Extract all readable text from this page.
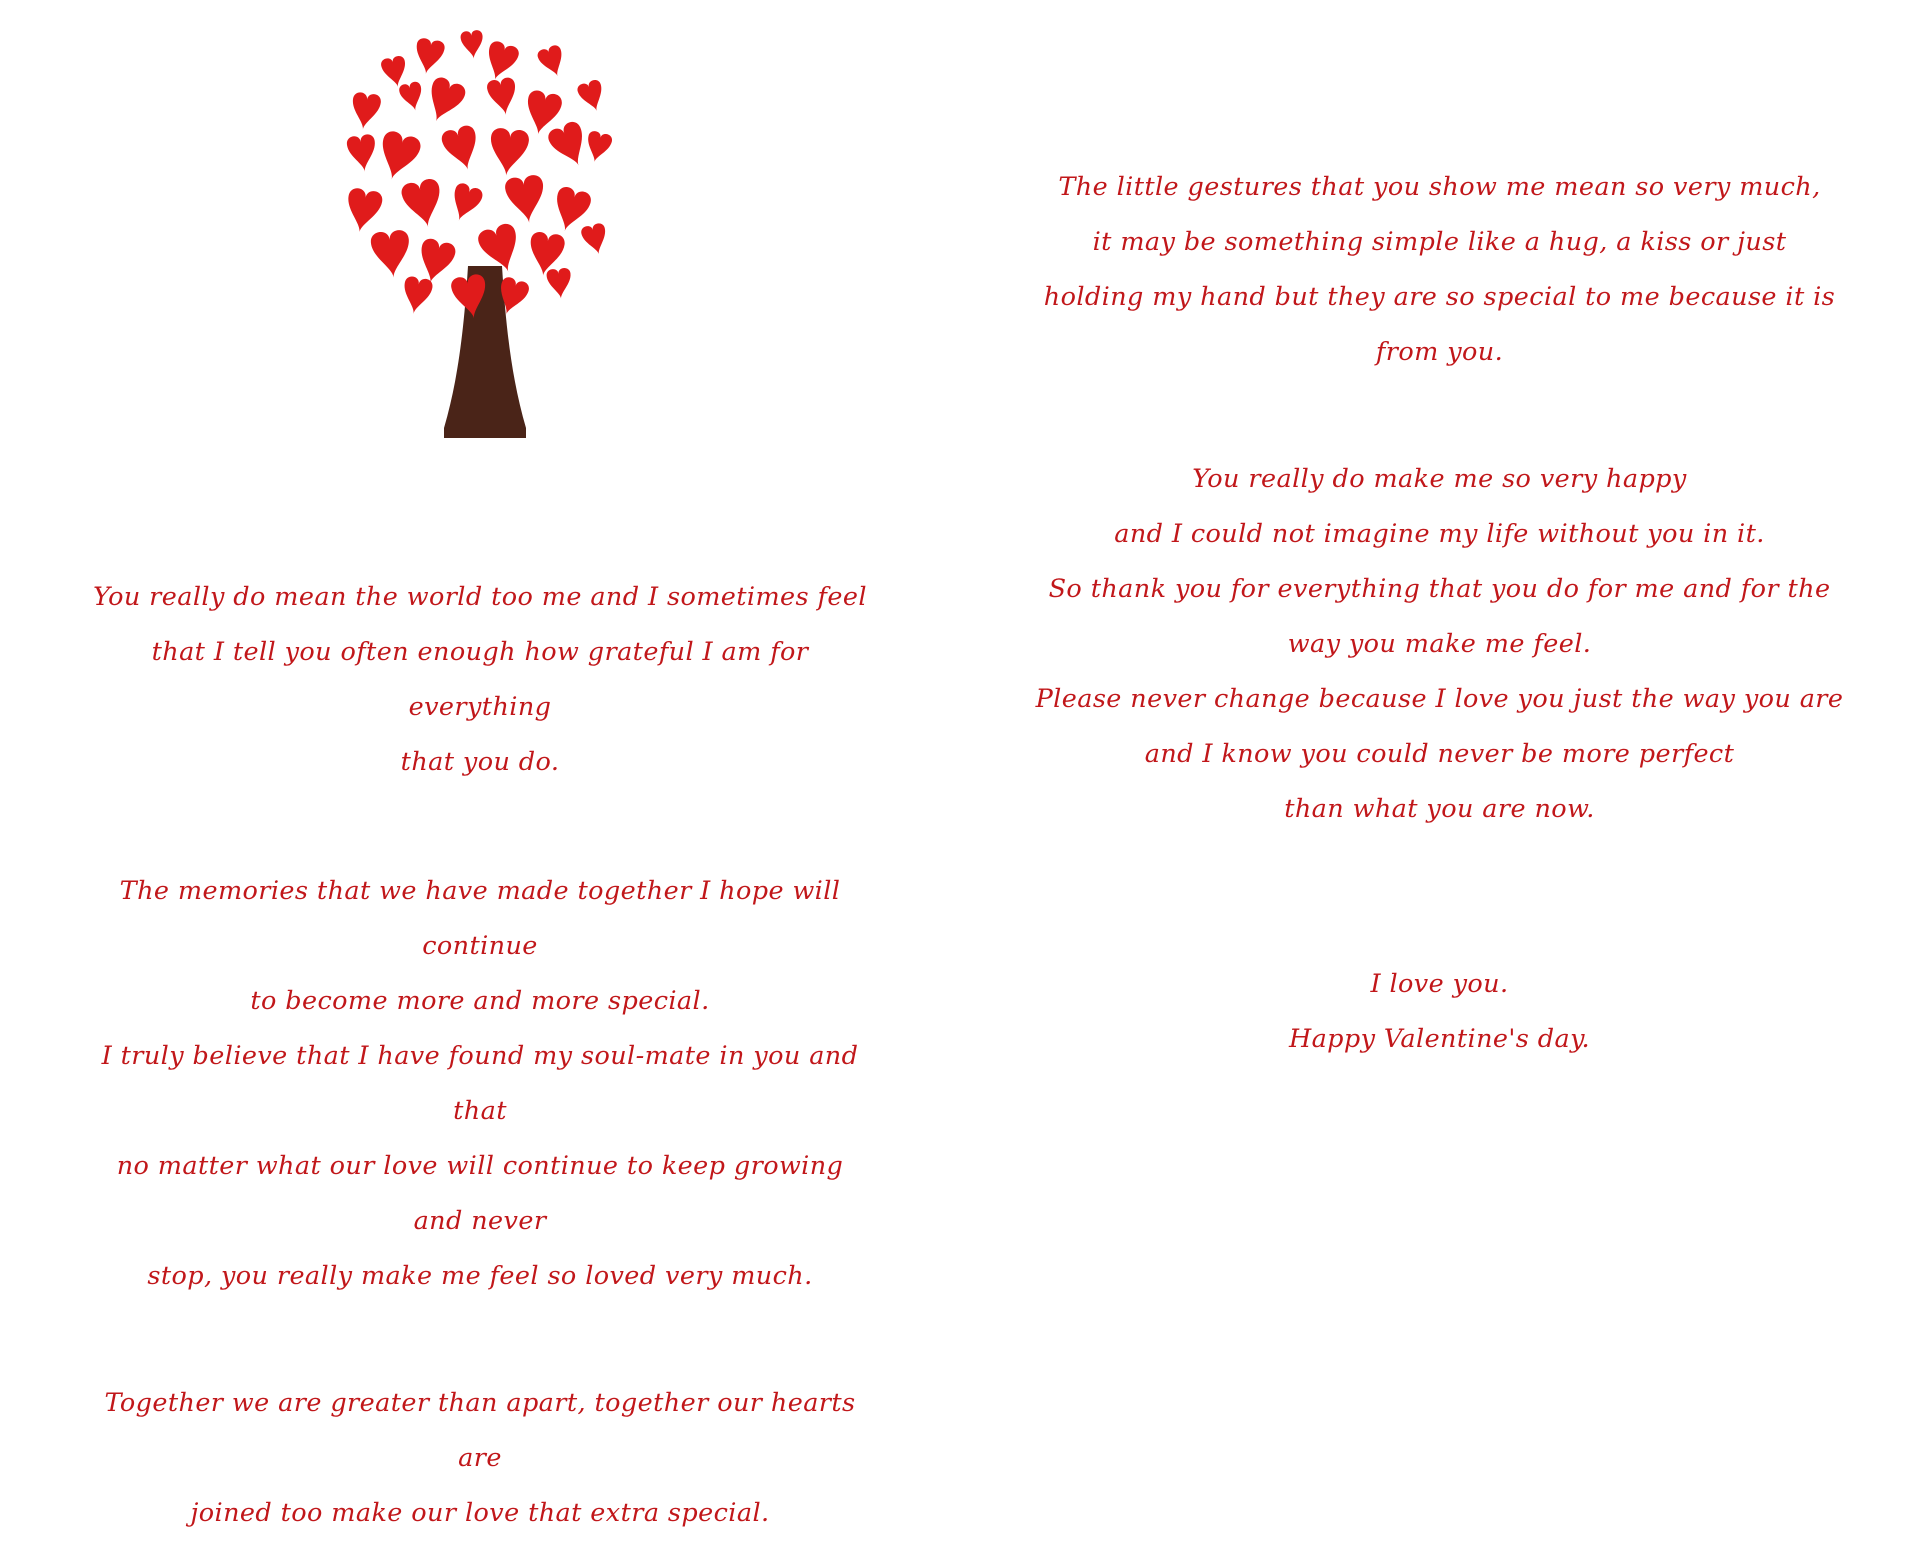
You really do mean the world too me and I sometimes feel
that I tell you often enough how grateful I am for everything
that you do.

The memories that we have made together I hope will continue
to become more and more special.
I truly believe that I have found my soul-mate in you and that
no matter what our love will continue to keep growing and never
stop, you really make me feel so loved very much.

Together we are greater than apart, together our hearts are
joined too make our love that extra special.

The little gestures that you show me mean so very much,
it may be something simple like a hug, a kiss or just
holding my hand but they are so special to me because it is
from you.

You really do make me so very happy
and I could not imagine my life without you in it.
So thank you for everything that you do for me and for the
way you make me feel.
Please never change because I love you just the way you are
and I know you could never be more perfect
than what you are now.

I love you.
Happy Valentine's day.
